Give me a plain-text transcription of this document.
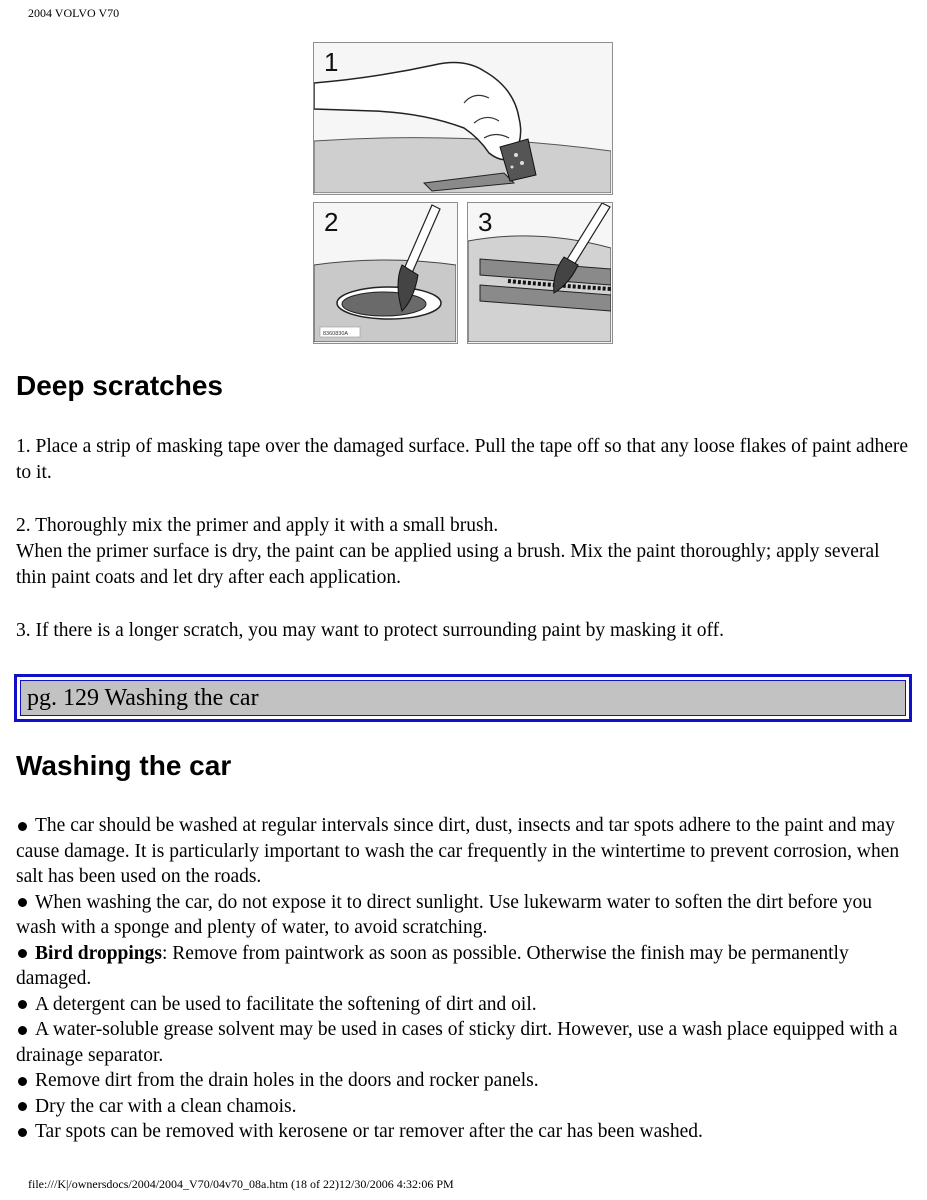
2004 VOLVO V70
1
8360830A
2	3
Deep scratches

1. Place a strip of masking tape over the damaged surface. Pull the tape off so that any loose flakes of paint adhere to it.

2. Thoroughly mix the primer and apply it with a small brush.
When the primer surface is dry, the paint can be applied using a brush. Mix the paint thoroughly; apply several thin paint coats and let dry after each application.

3. If there is a longer scratch, you may want to protect surrounding paint by masking it off.

pg. 129 Washing the car
Washing the car
The car should be washed at regular intervals since dirt, dust, insects and tar spots adhere to the paint and may cause damage. It is particularly important to wash the car frequently in the wintertime to prevent corrosion, when salt has been used on the roads.
When washing the car, do not expose it to direct sunlight. Use lukewarm water to soften the dirt before you wash with a sponge and plenty of water, to avoid scratching.
Bird droppings: Remove from paintwork as soon as possible. Otherwise the finish may be permanently damaged.
A detergent can be used to facilitate the softening of dirt and oil.
A water-soluble grease solvent may be used in cases of sticky dirt. However, use a wash place equipped with a drainage separator.
Remove dirt from the drain holes in the doors and rocker panels.
Dry the car with a clean chamois.
Tar spots can be removed with kerosene or tar remover after the car has been washed.
file:///K|/ownersdocs/2004/2004_V70/04v70_08a.htm (18 of 22)12/30/2006 4:32:06 PM
